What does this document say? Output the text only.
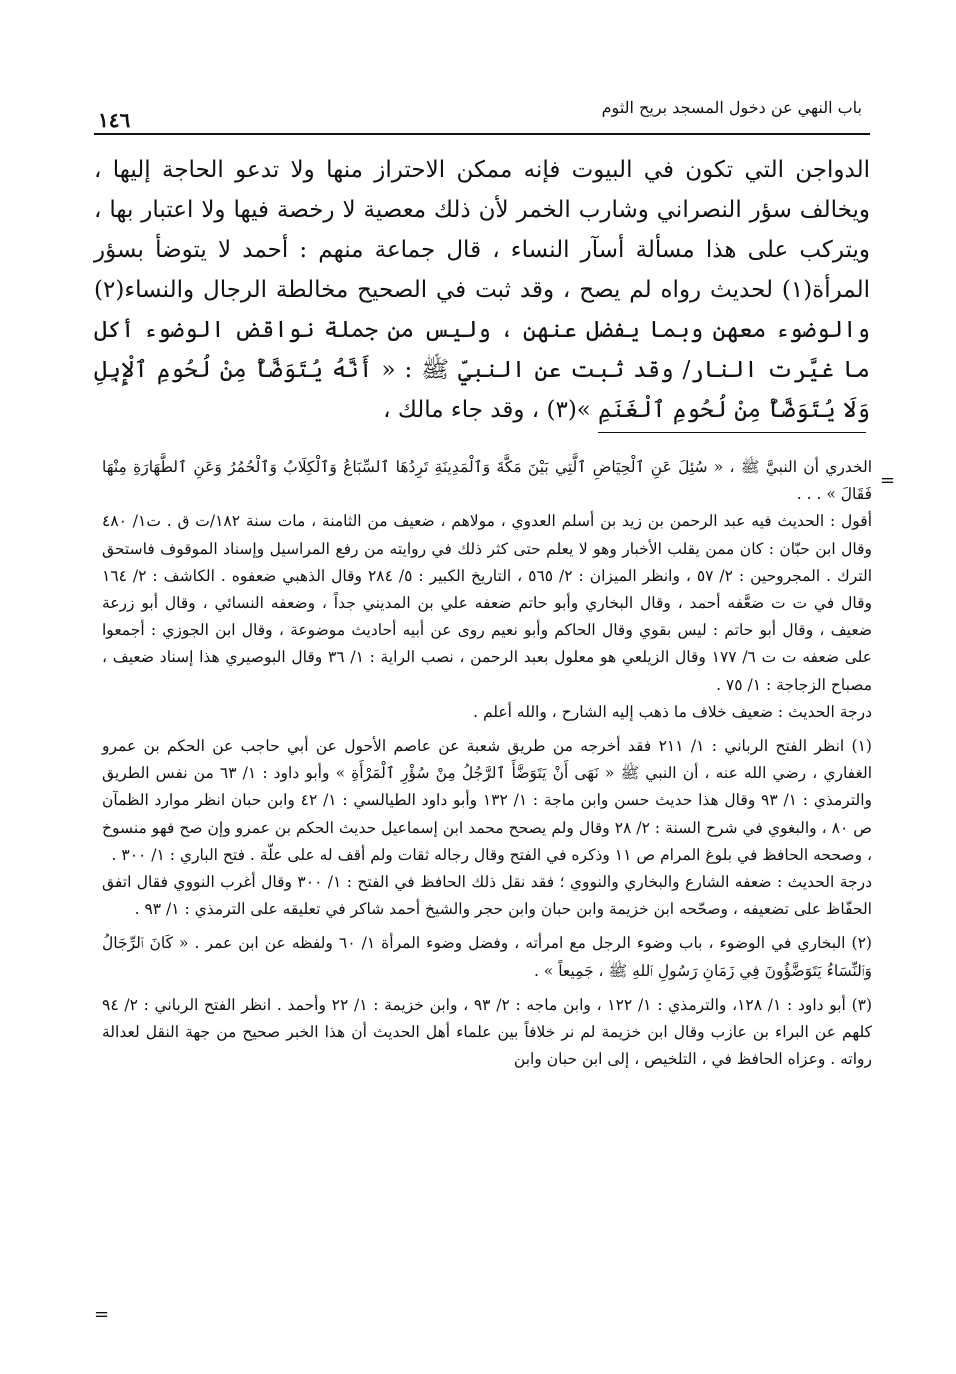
باب النهي عن دخول المسجد بريح الثوم
١٤٦

الدواجن التي تكون في البيوت فإنه ممكن الاحتراز منها ولا تدعو الحاجة إليها ، ويخالف سؤر النصراني وشارب الخمر لأن ذلك معصية لا رخصة فيها ولا اعتبار بها ، ويتركب على هذا مسألة أسآر النساء ، قال جماعة منهم : أحمد لا يتوضأ بسؤر المرأة(١) لحديث رواه لم يصح ، وقد ثبت في الصحيح مخالطة الرجال والنساء(٢) والوضوء معهن وبما يفضل عنهن ، وليس من جملة نواقض الوضوء أكل ما غيَّرت النار/ وقد ثبت عن النبيِّ ﷺ : « أَنَّهُ يُتَوَضَّأُ مِنْ لُحُومِ ٱلْإِبِلِ وَلَا يُتَوَضَّأُ مِنْ لُحُومِ ٱلْغَنَمِ »(٣) ، وقد جاء مالك ،

=

الخدري أن النبيَّ ﷺ ، « سُئِلَ عَنِ ٱلْحِيَاضِ ٱلَّتِي بَيْنَ مَكَّةَ وَٱلْمَدِينَةِ تَرِدُهَا ٱلسِّبَاعُ وَٱلْكِلَابُ وَٱلْحُمُرُ وَعَنِ ٱلطَّهَارَةِ مِنْهَا فَقَالَ » . . .

أقول : الحديث فيه عبد الرحمن بن زيد بن أسلم العدوي ، مولاهم ، ضعيف من الثامنة ، مات سنة ١٨٢/ت ق . ت١/ ٤٨٠ وقال ابن حبّان : كان ممن يقلب الأخبار وهو لا يعلم حتى كثر ذلك في روايته من رفع المراسيل وإسناد الموقوف فاستحق الترك . المجروحين : ٢/ ٥٧ ، وانظر الميزان : ٢/ ٥٦٥ ، التاريخ الكبير : ٥/ ٢٨٤ وقال الذهبي ضعفوه . الكاشف : ٢/ ١٦٤ وقال في ت ت ضعَّفه أحمد ، وقال البخاري وأبو حاتم ضعفه علي بن المديني جداً ، وضعفه النسائي ، وقال أبو زرعة ضعيف ، وقال أبو حاتم : ليس بقوي وقال الحاكم وأبو نعيم روى عن أبيه أحاديث موضوعة ، وقال ابن الجوزي : أجمعوا على ضعفه ت ت ٦/ ١٧٧ وقال الزيلعي هو معلول بعبد الرحمن ، نصب الراية : ١/ ٣٦ وقال البوصيري هذا إسناد ضعيف ، مصباح الزجاجة : ١/ ٧٥ .

درجة الحديث : ضعيف خلاف ما ذهب إليه الشارح ، والله أعلم .

(١) انظر الفتح الرباني : ١/ ٢١١ فقد أخرجه من طريق شعبة عن عاصم الأحول عن أبي حاجب عن الحكم بن عمرو الغفاري ، رضي الله عنه ، أن النبي ﷺ « نَهَى أَنْ يَتَوَضَّأَ ٱلرَّجُلُ مِنْ سُؤْرِ ٱلْمَرْأَةِ » وأبو داود : ١/ ٦٣ من نفس الطريق والترمذي : ١/ ٩٣ وقال هذا حديث حسن وابن ماجة : ١/ ١٣٢ وأبو داود الطيالسي : ١/ ٤٢ وابن حبان انظر موارد الظمآن ص ٨٠ ، والبغوي في شرح السنة : ٢/ ٢٨ وقال ولم يصحح محمد ابن إسماعيل حديث الحكم بن عمرو وإن صح فهو منسوخ ، وصححه الحافظ في بلوغ المرام ص ١١ وذكره في الفتح وقال رجاله ثقات ولم أقف له على علّة . فتح الباري : ١/ ٣٠٠ .

درجة الحديث : ضعفه الشارع والبخاري والنووي ؛ فقد نقل ذلك الحافظ في الفتح : ١/ ٣٠٠ وقال أغرب النووي فقال اتفق الحفّاظ على تضعيفه ، وصحّحه ابن خزيمة وابن حبان وابن حجر والشيخ أحمد شاكر في تعليقه على الترمذي : ١/ ٩٣ .

(٢) البخاري في الوضوء ، باب وضوء الرجل مع امرأته ، وفضل وضوء المرأة ١/ ٦٠ ولفظه عن ابن عمر . « كَانَ ٱلرِّجَالُ وَٱلنِّسَاءُ يَتَوَضَّؤُونَ فِي زَمَانِ رَسُولِ ٱللهِ ﷺ ، جَمِيعاً » .

(٣) أبو داود : ١/ ١٢٨، والترمذي : ١/ ١٢٢ ، وابن ماجه : ٢/ ٩٣ ، وابن خزيمة : ١/ ٢٢ وأحمد . انظر الفتح الرباني : ٢/ ٩٤ كلهم عن البراء بن عازب وقال ابن خزيمة لم نر خلافاً بين علماء أهل الحديث أن هذا الخبر صحيح من جهة النقل لعدالة رواته . وعزاه الحافظ في ، التلخيص ، إلى ابن حبان وابن

=
